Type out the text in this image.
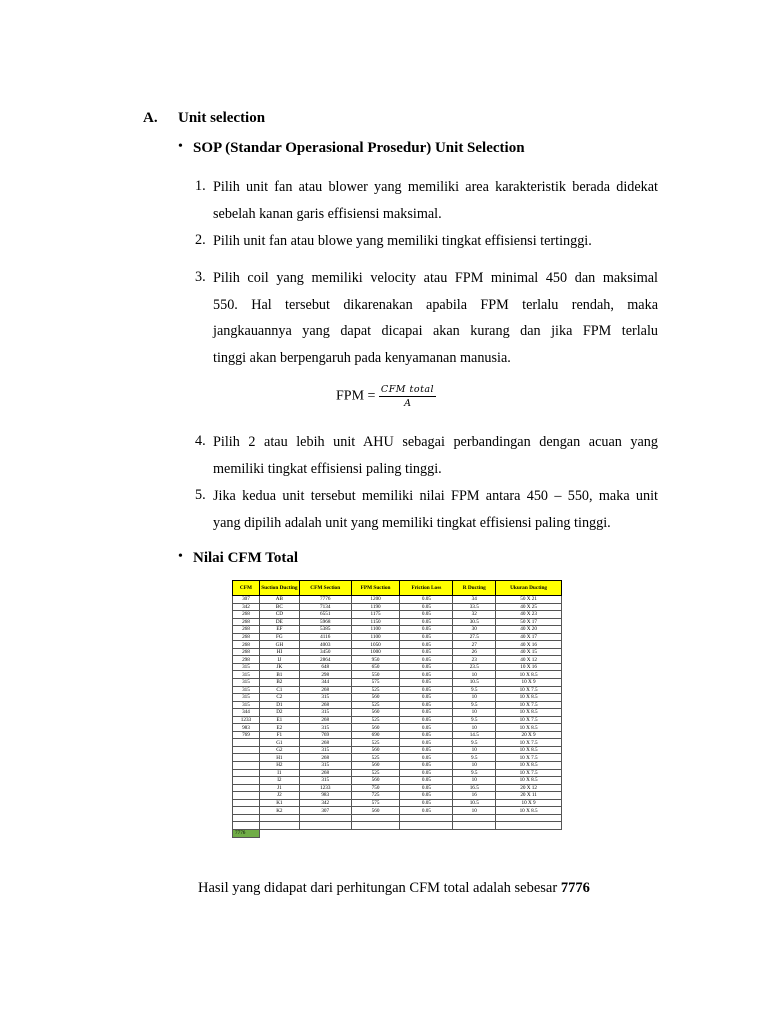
A. Unit selection
• SOP (Standar Operasional Prosedur) Unit Selection
1. Pilih unit fan atau blower yang memiliki area karakteristik berada didekat
sebelah kanan garis effisiensi maksimal.
2. Pilih unit fan atau blowe yang memiliki tingkat effisiensi tertinggi.
3. Pilih coil yang memiliki velocity atau FPM minimal 450 dan maksimal
550. Hal tersebut dikarenakan apabila FPM terlalu rendah, maka
jangkauannya yang dapat dicapai akan kurang dan jika FPM terlalu
tinggi akan berpengaruh pada kenyamanan manusia.
4. Pilih 2 atau lebih unit AHU sebagai perbandingan dengan acuan yang
memiliki tingkat effisiensi paling tinggi.
5. Jika kedua unit tersebut memiliki nilai FPM antara 450 – 550, maka unit
yang dipilih adalah unit yang memiliki tingkat effisiensi paling tinggi.
FPM = $\frac{\text{CFM total}}{A}$
• Nilai CFM Total
CFM	Suction Ducting	CFM Section	FPM Suction	Friction Loss	R Ducting	Ukuran Ducting
307	AB	7776	1200	0.05	34	50 X 21
342	BC	7134	1190	0.05	33.5	40 X 25
268	CD	6551	1175	0.05	32	40 X 23
268	DE	5968	1150	0.05	30.5	50 X 17
268	EF	5385	1100	0.05	30	40 X 20
268	FG	4116	1100	0.05	27.5	40 X 17
268	GH	4003	1050	0.05	27	40 X 16
268	HI	3450	1000	0.05	26	40 X 15
298	IJ	2864	950	0.05	23	40 X 12
315	JK	648	650	0.05	23.5	10 X 16
315	B1	298	550	0.05	10	10 X 8.5
315	B2	344	575	0.05	10.5	10 X 9
315	C1	268	525	0.05	9.5	10 X 7.5
315	C2	315	560	0.05	10	10 X 8.5
315	D1	268	525	0.05	9.5	10 X 7.5
344	D2	315	560	0.05	10	10 X 8.5
1233	E1	268	525	0.05	9.5	10 X 7.5
983	E2	315	560	0.05	10	10 X 8.5
769	F1	769	690	0.05	14.5	20 X 9
	G1	268	525	0.05	9.5	10 X 7.5
	G2	315	560	0.05	10	10 X 8.5
	H1	268	525	0.05	9.5	10 X 7.5
	H2	315	560	0.05	10	10 X 8.5
	I1	268	525	0.05	9.5	10 X 7.5
	I2	315	560	0.05	10	10 X 8.5
	J1	1233	750	0.05	16.5	20 X 12
	J2	983	725	0.05	16	20 X 11
	K1	342	575	0.05	10.5	10 X 9
	K2	307	560	0.05	10	10 X 8.5

7776						
Hasil yang didapat dari perhitungan CFM total adalah sebesar 7776
